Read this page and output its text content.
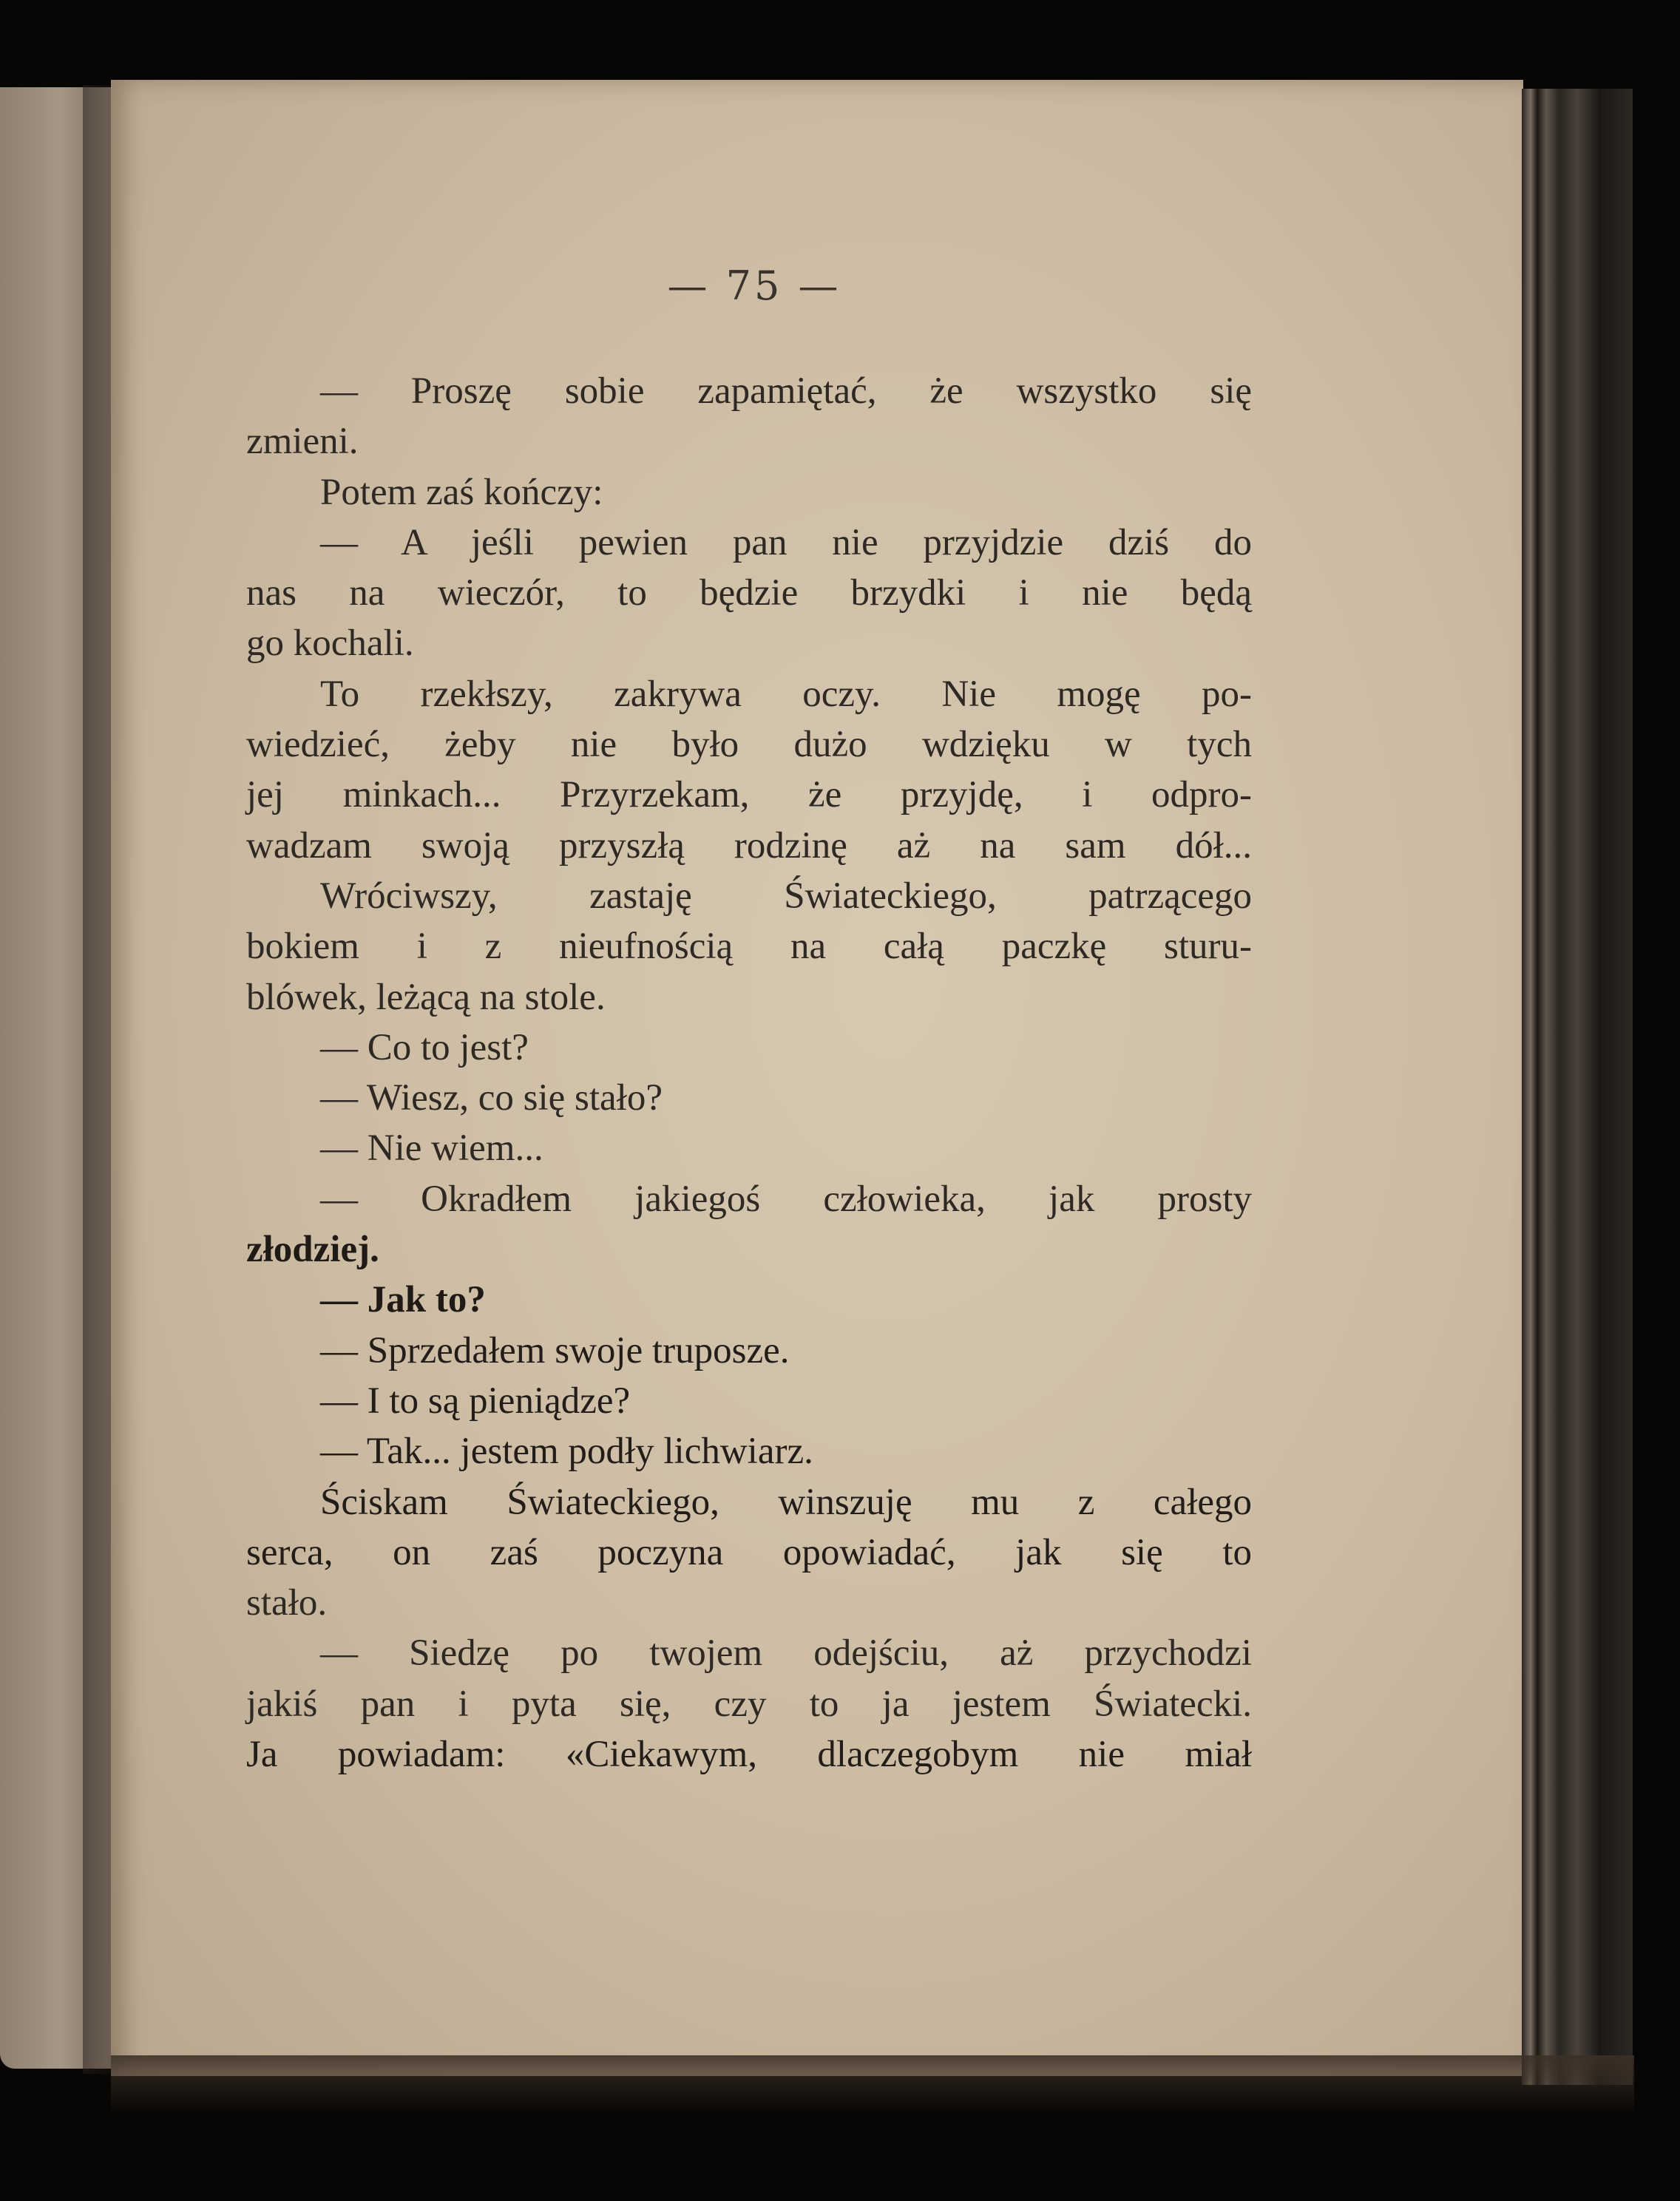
— 75 —
— Proszę sobie zapamiętać, że wszystko się
zmieni.
Potem zaś kończy:
— A jeśli pewien pan nie przyjdzie dziś do
nas na wieczór, to będzie brzydki i nie będą
go kochali.
To rzekłszy, zakrywa oczy. Nie mogę po-
wiedzieć, żeby nie było dużo wdzięku w tych
jej minkach... Przyrzekam, że przyjdę, i odpro-
wadzam swoją przyszłą rodzinę aż na sam dół...
Wróciwszy, zastaję Świateckiego, patrzącego
bokiem i z nieufnością na całą paczkę sturu-
blówek, leżącą na stole.
— Co to jest?
— Wiesz, co się stało?
— Nie wiem...
— Okradłem jakiegoś człowieka, jak prosty
złodziej.
— Jak to?
— Sprzedałem swoje truposze.
— I to są pieniądze?
— Tak... jestem podły lichwiarz.
Ściskam Świateckiego, winszuję mu z całego
serca, on zaś poczyna opowiadać, jak się to
stało.
— Siedzę po twojem odejściu, aż przychodzi
jakiś pan i pyta się, czy to ja jestem Światecki.
Ja powiadam: «Ciekawym, dlaczegobym nie miał
